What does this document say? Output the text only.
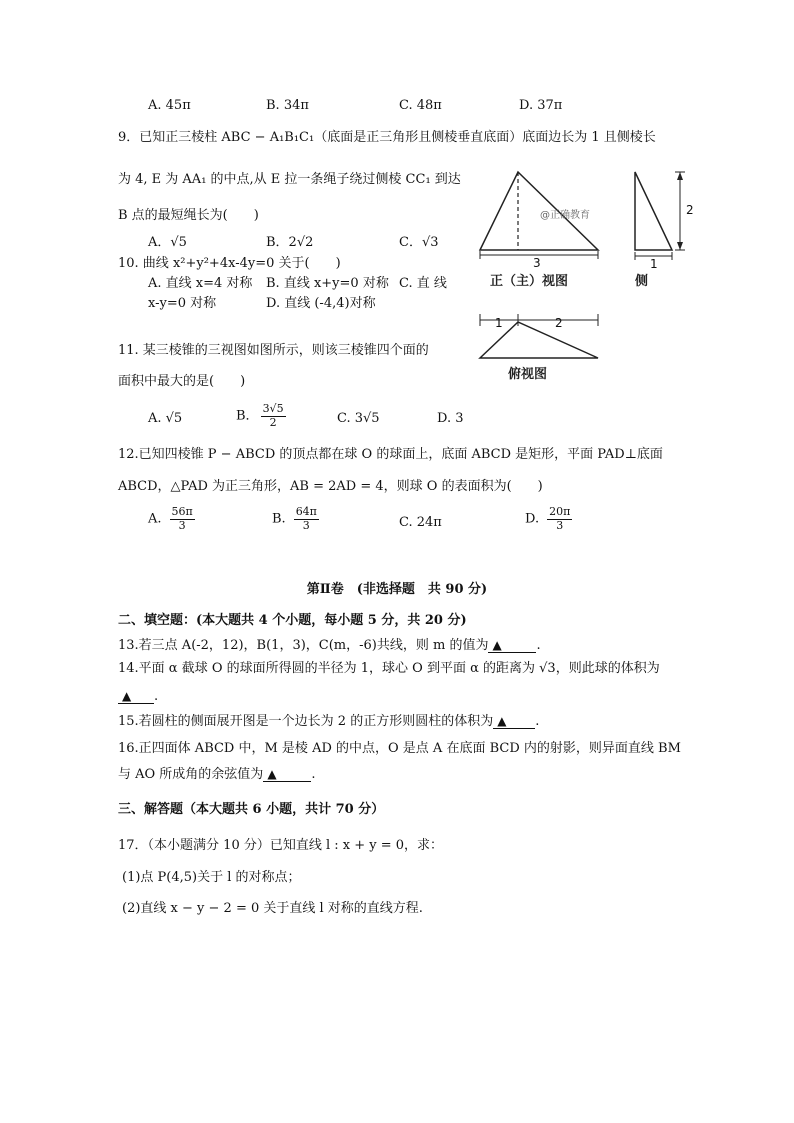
A. 45π	B. 34π	C. 48π	D. 37π
9．已知正三棱柱 ABC − A₁B₁C₁（底面是正三角形且侧棱垂直底面）底面边长为 1 且侧棱长
为 4, E 为 AA₁ 的中点,从 E 拉一条绳子绕过侧棱 CC₁ 到达
B 点的最短绳长为(　　)
A．√5	B．2√2	C．√3
10. 曲线 x²+y²+4x-4y=0 关于(　　)
A. 直线 x=4 对称 B. 直线 x+y=0 对称 C. 直 线
x-y=0 对称	D. 直线 (-4,4)对称
11. 某三棱锥的三视图如图所示，则该三棱锥四个面的
面积中最大的是(　　)
A. √5	B． $\frac{3√5}{2}$	C. 3√5	D. 3
12.已知四棱锥 P − ABCD 的顶点都在球 O 的球面上，底面 ABCD 是矩形，平面 PAD⊥底面
ABCD，△PAD 为正三角形，AB = 2AD = 4，则球 O 的表面积为(　　)
A. $\frac{56\pi}{3}$	B. $\frac{64\pi}{3}$	C. 24π	D. $\frac{20\pi}{3}$
第Ⅱ卷　(非选择题　共 90 分)
二、填空题：(本大题共 4 个小题，每小题 5 分，共 20 分)
13.若三点 A(-2，12)，B(1，3)，C(m，-6)共线，则 m 的值为 ▲	.
14.平面 α 截球 O 的球面所得圆的半径为 1，球心 O 到平面 α 的距离为 √3，则此球的体积为
▲ .
15.若圆柱的侧面展开图是一个边长为 2 的正方形则圆柱的体积为 ▲ .
16.正四面体 ABCD 中，M 是棱 AD 的中点，O 是点 A 在底面 BCD 内的射影，则异面直线 BM
与 AO 所成角的余弦值为 ▲	.
三、解答题（本大题共 6 小题，共计 70 分）
17．（本小题满分 10 分）已知直线 l : x + y = 0，求：
(1)点 P(4,5)关于 l 的对称点；
(2)直线 x − y − 2 = 0 关于直线 l 对称的直线方程.
@正确教育
3
正（主）视图
1
2
侧
1	2
俯视图
